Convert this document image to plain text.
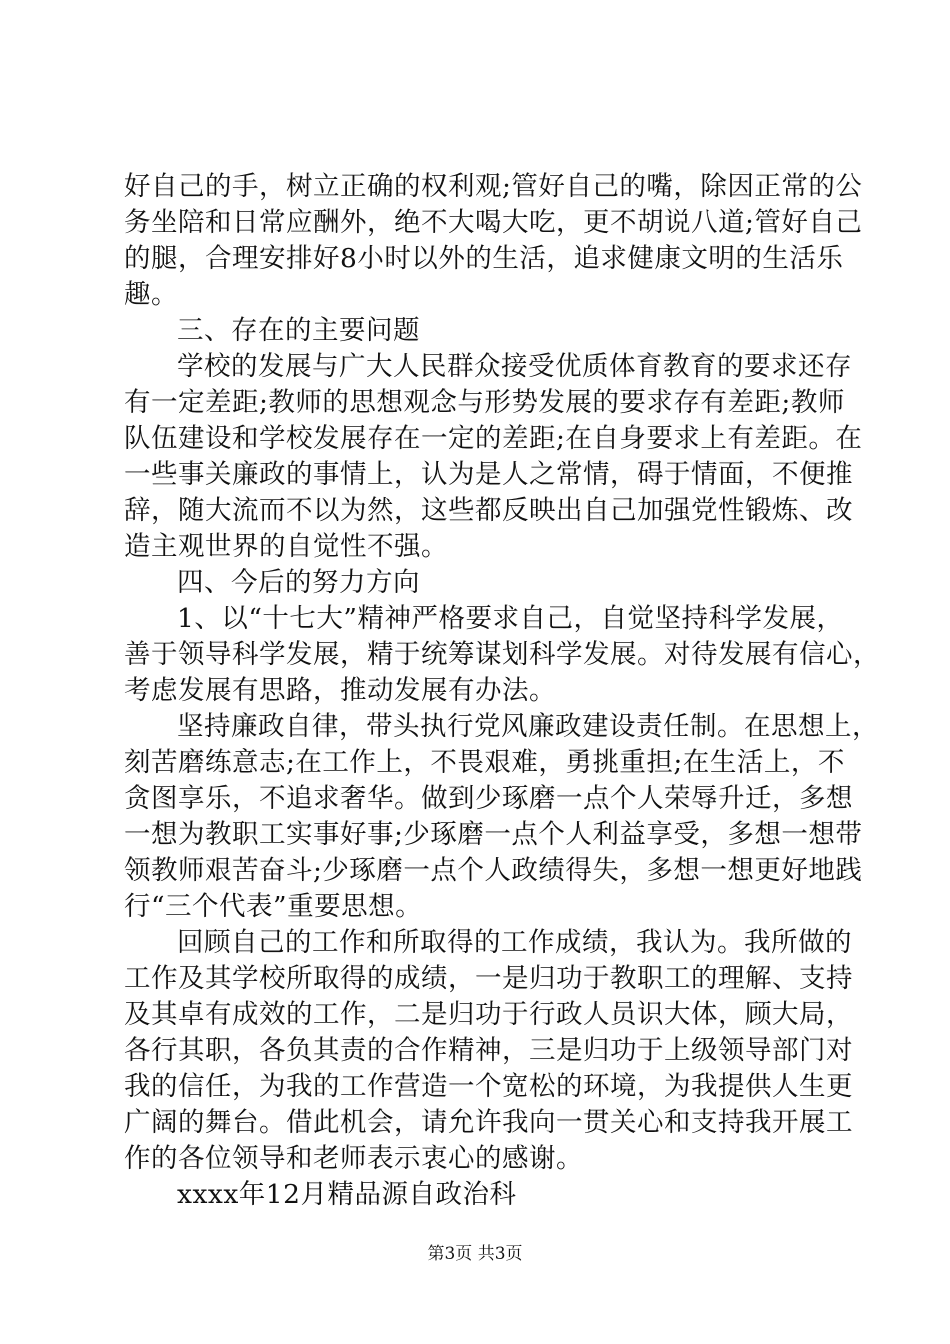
好自己的手，树立正确的权利观;管好自己的嘴，除因正常的公
务坐陪和日常应酬外，绝不大喝大吃，更不胡说八道;管好自己
的腿，合理安排好8小时以外的生活，追求健康文明的生活乐
趣。
三、存在的主要问题
学校的发展与广大人民群众接受优质体育教育的要求还存
有一定差距;教师的思想观念与形势发展的要求存有差距;教师
队伍建设和学校发展存在一定的差距;在自身要求上有差距。在
一些事关廉政的事情上，认为是人之常情，碍于情面，不便推
辞，随大流而不以为然，这些都反映出自己加强党性锻炼、改
造主观世界的自觉性不强。
四、今后的努力方向
1、以“十七大”精神严格要求自己，自觉坚持科学发展，
善于领导科学发展，精于统筹谋划科学发展。对待发展有信心，
考虑发展有思路，推动发展有办法。
坚持廉政自律，带头执行党风廉政建设责任制。在思想上，
刻苦磨练意志;在工作上，不畏艰难，勇挑重担;在生活上，不
贪图享乐，不追求奢华。做到少琢磨一点个人荣辱升迁，多想
一想为教职工实事好事;少琢磨一点个人利益享受，多想一想带
领教师艰苦奋斗;少琢磨一点个人政绩得失，多想一想更好地践
行“三个代表”重要思想。
回顾自己的工作和所取得的工作成绩，我认为。我所做的
工作及其学校所取得的成绩，一是归功于教职工的理解、支持
及其卓有成效的工作，二是归功于行政人员识大体，顾大局，
各行其职，各负其责的合作精神，三是归功于上级领导部门对
我的信任，为我的工作营造一个宽松的环境，为我提供人生更
广阔的舞台。借此机会，请允许我向一贯关心和支持我开展工
作的各位领导和老师表示衷心的感谢。
xxxx年12月精品源自政治科
第3页 共3页
